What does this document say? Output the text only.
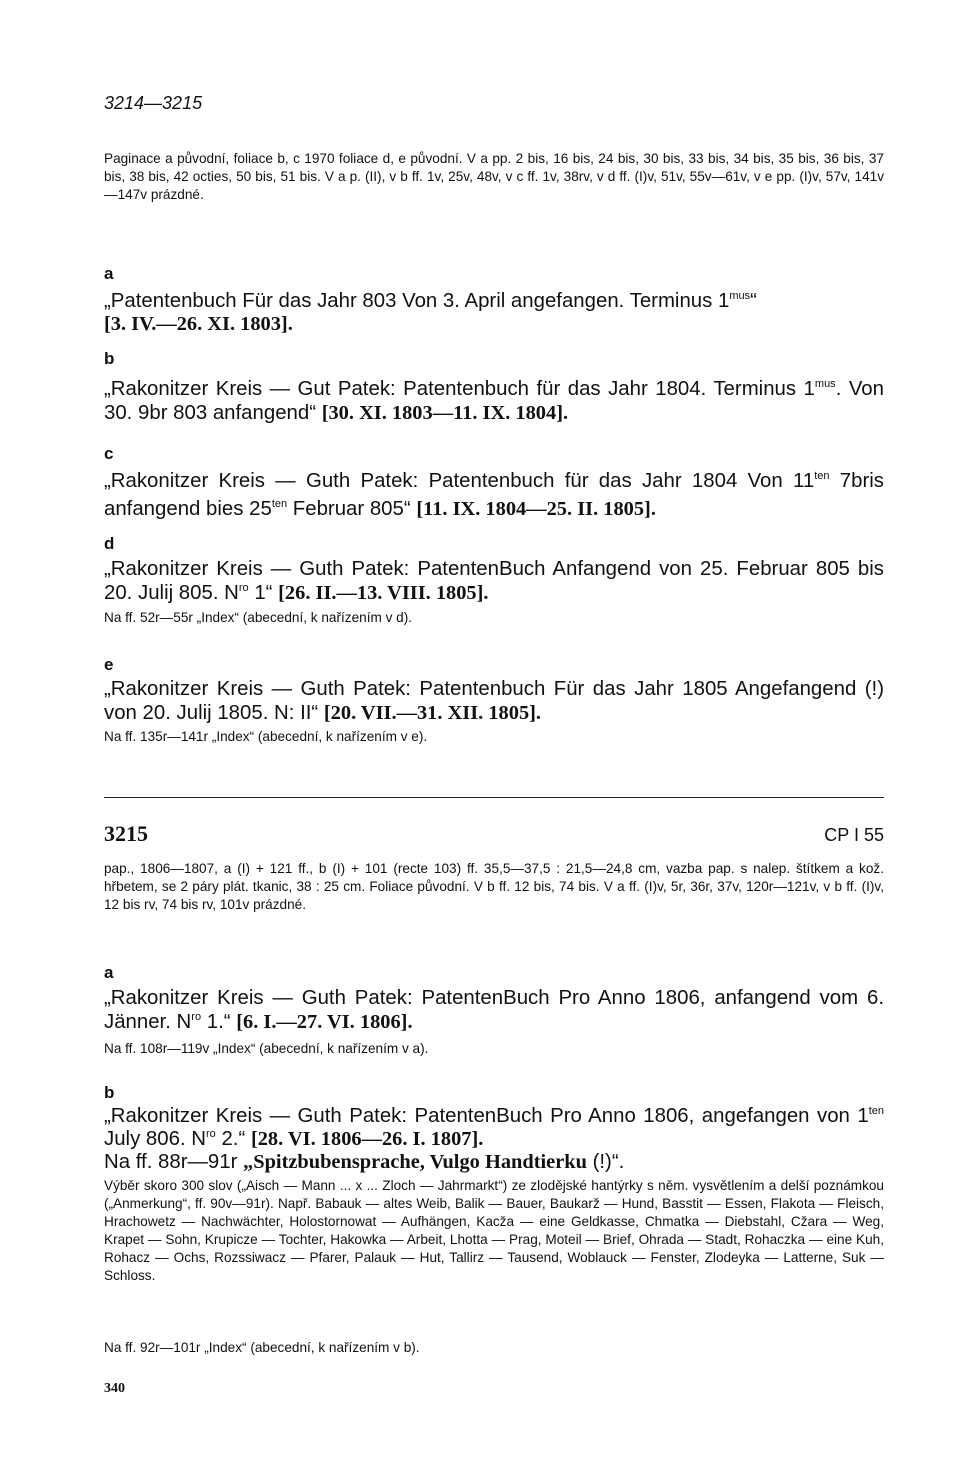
3214—3215
Paginace a původní, foliace b, c 1970 foliace d, e původní. V a pp. 2 bis, 16 bis, 24 bis, 30 bis, 33 bis, 34 bis, 35 bis, 36 bis, 37 bis, 38 bis, 42 octies, 50 bis, 51 bis. V a p. (II), v b ff. 1v, 25v, 48v, v c ff. 1v, 38rv, v d ff. (I)v, 51v, 55v—61v, v e pp. (I)v, 57v, 141v—147v prázdné.
a
„Patentenbuch Für das Jahr 803 Von 3. April angefangen. Terminus $1^{mus}“$
[3. IV.—26. XI. 1803].
b
„Rakonitzer Kreis — Gut Patek: Patentenbuch für das Jahr 1804. Terminus $1^{mus}$. Von 30. 9br 803 anfangend“ [30. XI. 1803—11. IX. 1804].
c
„Rakonitzer Kreis — Guth Patek: Patentenbuch für das Jahr 1804 Von $11^{ten}$ 7bris anfangend bies $25^{ten}$ Februar 805“ [11. IX. 1804—25. II. 1805].
d
„Rakonitzer Kreis — Guth Patek: PatentenBuch Anfangend von 25. Februar 805 bis 20. Julij 805. $N^{ro}$ 1“ [26. II.—13. VIII. 1805].
Na ff. 52r—55r „Index“ (abecední, k nařízením v d).
e
„Rakonitzer Kreis — Guth Patek: Patentenbuch Für das Jahr 1805 Angefangend (!) von 20. Julij 1805. N: II“ [20. VII.—31. XII. 1805].
Na ff. 135r—141r „Index“ (abecední, k nařízením v e).
3215	CP I 55
pap., 1806—1807, a (I) + 121 ff., b (I) + 101 (recte 103) ff. 35,5—37,5 : 21,5—24,8 cm, vazba pap. s nalep. štítkem a kož. hřbetem, se 2 páry plát. tkanic, 38 : 25 cm. Foliace původní. V b ff. 12 bis, 74 bis. V a ff. (I)v, 5r, 36r, 37v, 120r—121v, v b ff. (I)v, 12 bis rv, 74 bis rv, 101v prázdné.
a
„Rakonitzer Kreis — Guth Patek: PatentenBuch Pro Anno 1806, anfangend vom 6. Jänner. $N^{ro}$ 1.“ [6. I.—27. VI. 1806].
Na ff. 108r—119v „Index“ (abecední, k nařízením v a).
b
„Rakonitzer Kreis — Guth Patek: PatentenBuch Pro Anno 1806, angefangen von $1^{ten}$ July 806. $N^{ro}$ 2.“ [28. VI. 1806—26. I. 1807].
Na ff. 88r—91r „Spitzbubensprache, Vulgo Handtierku (!)“.
Výběr skoro 300 slov („Aisch — Mann ... x ... Zloch — Jahrmarkt“) ze zlodějské hantýrky s něm. vysvětlením a delší poznámkou („Anmerkung“, ff. 90v—91r). Např. Babauk — altes Weib, Balik — Bauer, Baukarž — Hund, Basstit — Essen, Flakota — Fleisch, Hrachowetz — Nachwächter, Holostornowat — Aufhängen, Kacža — eine Geldkasse, Chmatka — Diebstahl, Cžara — Weg, Krapet — Sohn, Krupicze — Tochter, Hakowka — Arbeit, Lhotta — Prag, Moteil — Brief, Ohrada — Stadt, Rohaczka — eine Kuh, Rohacz — Ochs, Rozssiwacz — Pfarer, Palauk — Hut, Tallirz — Tausend, Woblauck — Fenster, Zlodeyka — Latterne, Suk — Schloss.
Na ff. 92r—101r „Index“ (abecední, k nařízením v b).
340
